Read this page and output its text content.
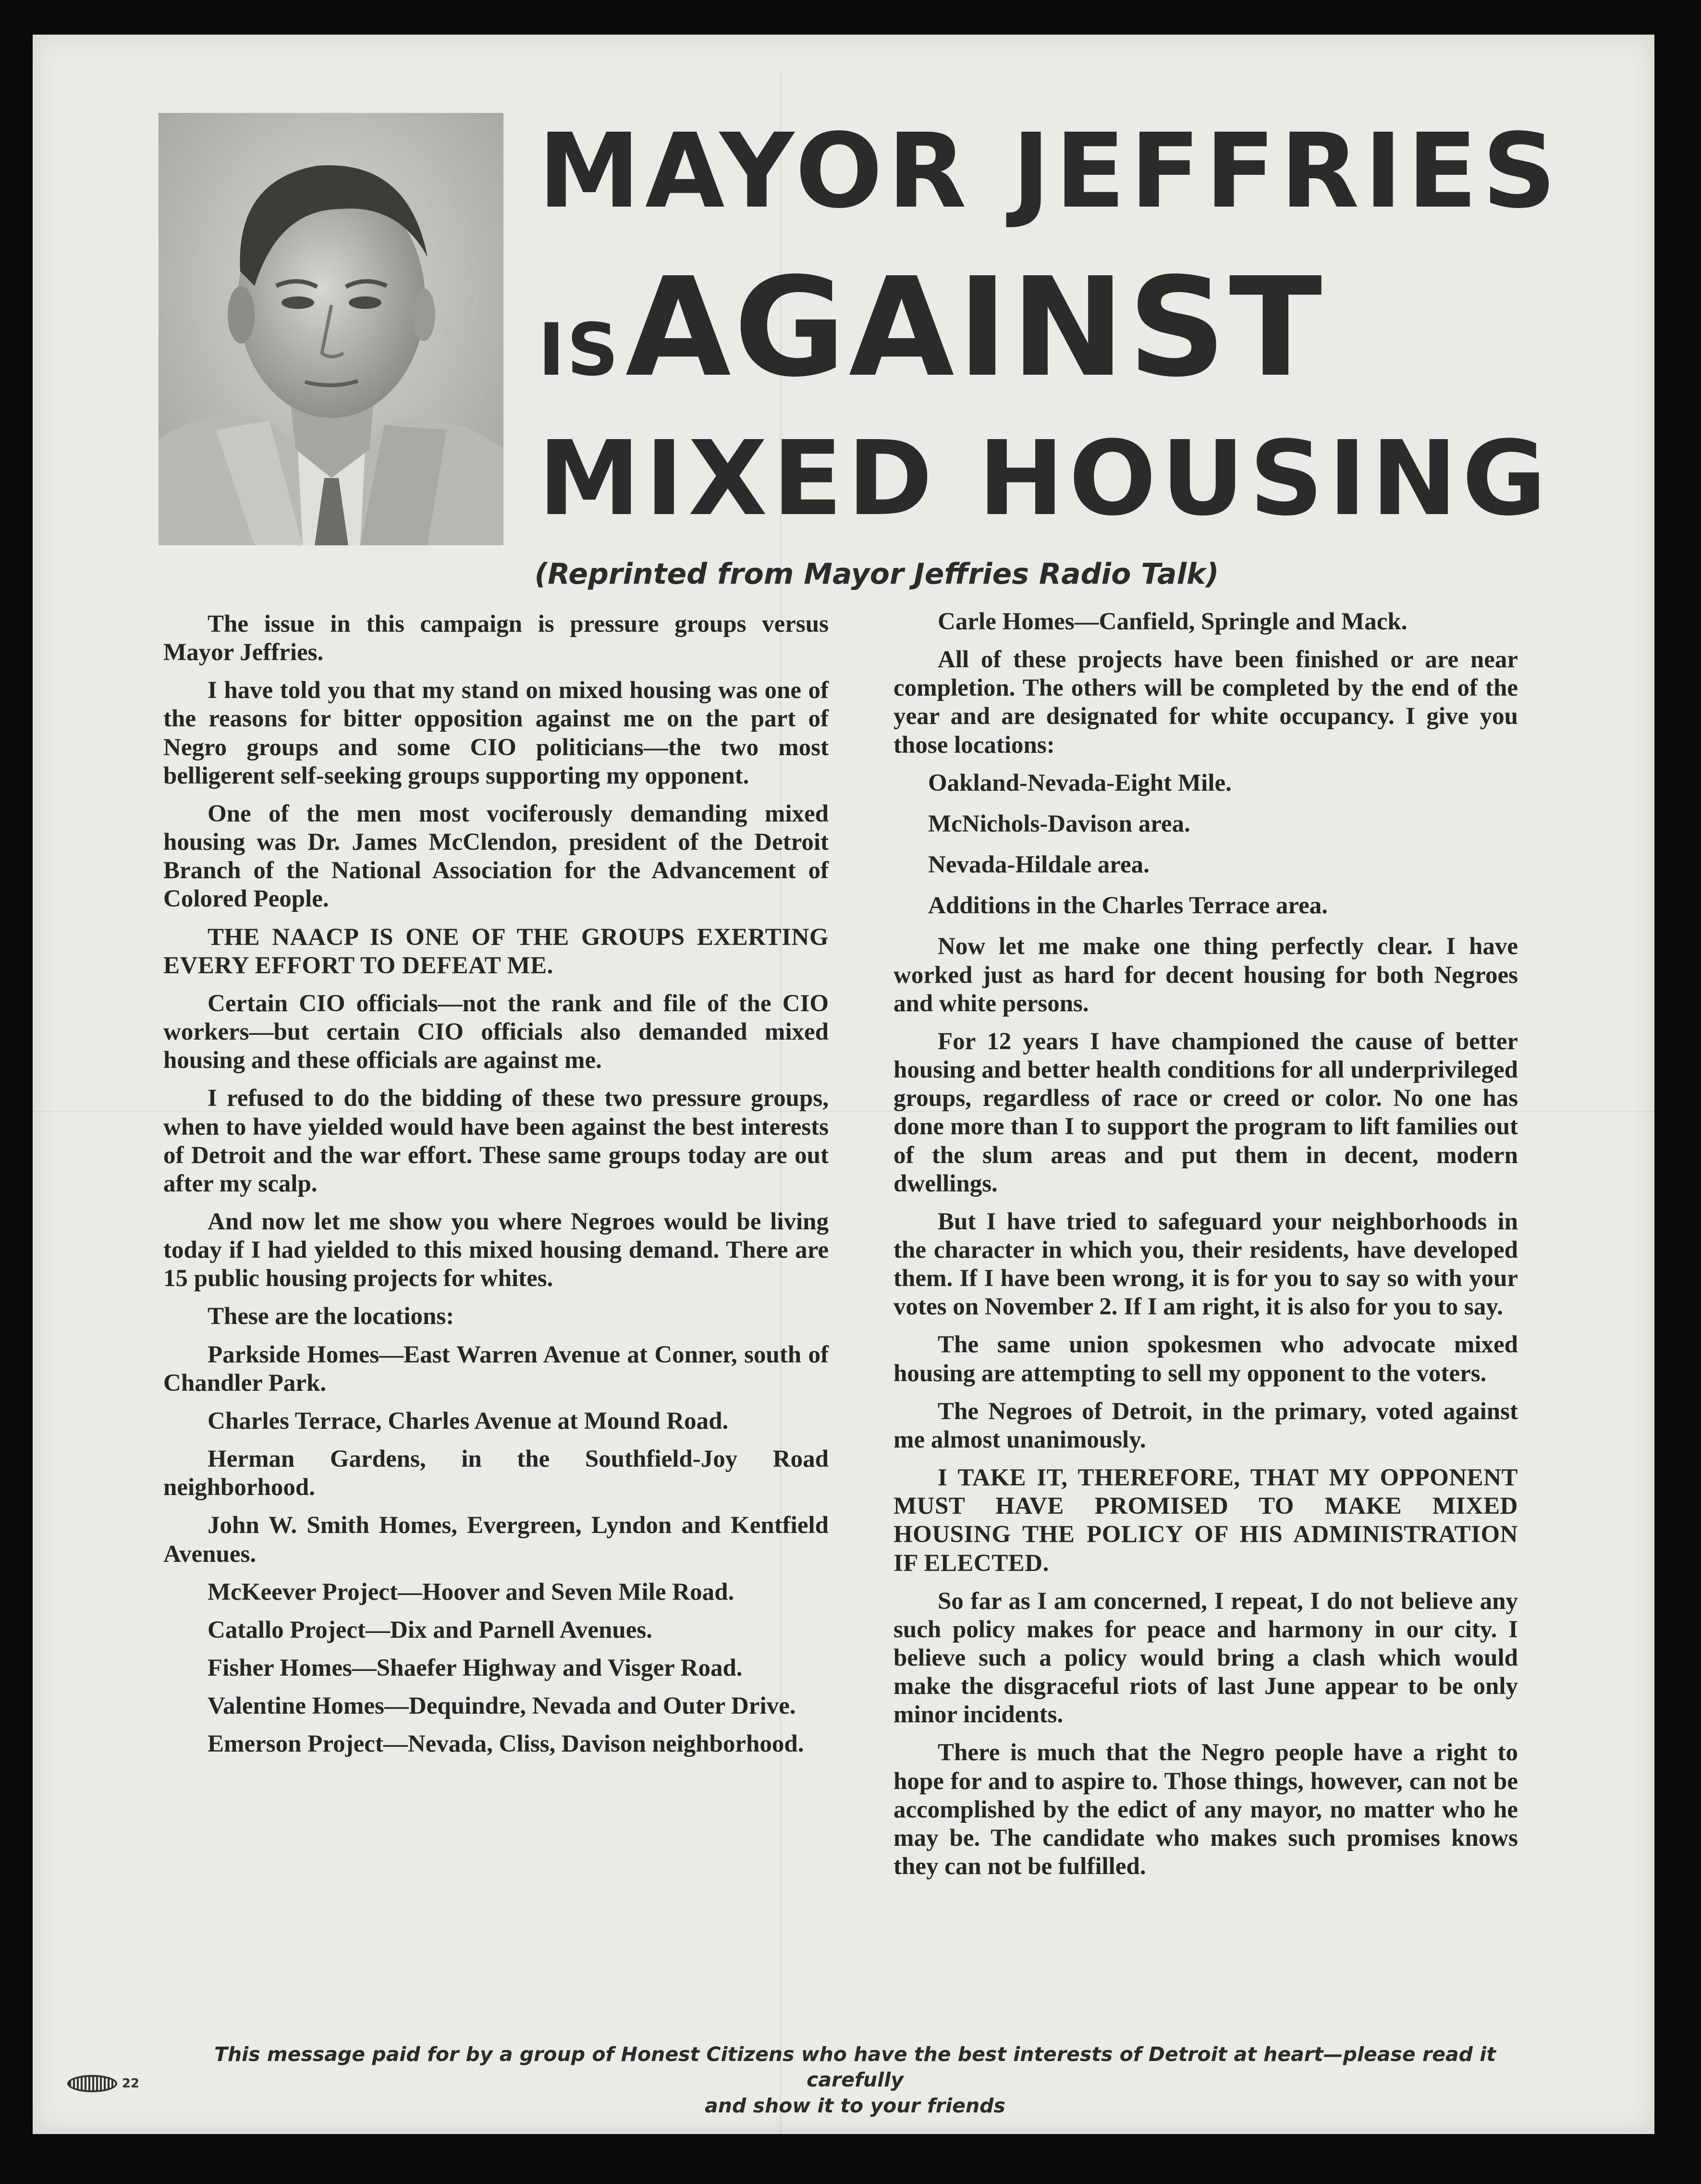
MAYOR JEFFRIES
ISAGAINST
MIXED HOUSING
(Reprinted from Mayor Jeffries Radio Talk)

The issue in this campaign is pressure groups versus Mayor Jeffries.

I have told you that my stand on mixed housing was one of the reasons for bitter opposition against me on the part of Negro groups and some CIO politicians—the two most belligerent self-seeking groups supporting my opponent.

One of the men most vociferously demanding mixed housing was Dr. James McClendon, president of the Detroit Branch of the National Association for the Advancement of Colored People.

THE NAACP IS ONE OF THE GROUPS EXERTING EVERY EFFORT TO DEFEAT ME.

Certain CIO officials—not the rank and file of the CIO workers—but certain CIO officials also demanded mixed housing and these officials are against me.

I refused to do the bidding of these two pressure groups, when to have yielded would have been against the best interests of Detroit and the war effort. These same groups today are out after my scalp.

And now let me show you where Negroes would be living today if I had yielded to this mixed housing demand. There are 15 public housing projects for whites.

These are the locations:

Parkside Homes—East Warren Avenue at Conner, south of Chandler Park.

Charles Terrace, Charles Avenue at Mound Road.

Herman Gardens, in the Southfield-Joy Road neighborhood.

John W. Smith Homes, Evergreen, Lyndon and Kentfield Avenues.

McKeever Project—Hoover and Seven Mile Road.

Catallo Project—Dix and Parnell Avenues.

Fisher Homes—Shaefer Highway and Visger Road.

Valentine Homes—Dequindre, Nevada and Outer Drive.

Emerson Project—Nevada, Cliss, Davison neighborhood.

Carle Homes—Canfield, Springle and Mack.

All of these projects have been finished or are near completion. The others will be completed by the end of the year and are designated for white occupancy. I give you those locations:

Oakland-Nevada-Eight Mile.

McNichols-Davison area.

Nevada-Hildale area.

Additions in the Charles Terrace area.

Now let me make one thing perfectly clear. I have worked just as hard for decent housing for both Negroes and white persons.

For 12 years I have championed the cause of better housing and better health conditions for all underprivileged groups, regardless of race or creed or color. No one has done more than I to support the program to lift families out of the slum areas and put them in decent, modern dwellings.

But I have tried to safeguard your neighborhoods in the character in which you, their residents, have developed them. If I have been wrong, it is for you to say so with your votes on November 2. If I am right, it is also for you to say.

The same union spokesmen who advocate mixed housing are attempting to sell my opponent to the voters.

The Negroes of Detroit, in the primary, voted against me almost unanimously.

I TAKE IT, THEREFORE, THAT MY OPPONENT MUST HAVE PROMISED TO MAKE MIXED HOUSING THE POLICY OF HIS ADMINISTRATION IF ELECTED.

So far as I am concerned, I repeat, I do not believe any such policy makes for peace and harmony in our city. I believe such a policy would bring a clash which would make the disgraceful riots of last June appear to be only minor incidents.

There is much that the Negro people have a right to hope for and to aspire to. Those things, however, can not be accomplished by the edict of any mayor, no matter who he may be. The candidate who makes such promises knows they can not be fulfilled.

22
This message paid for by a group of Honest Citizens who have the best interests of Detroit at heart—please read it carefully
and show it to your friends
